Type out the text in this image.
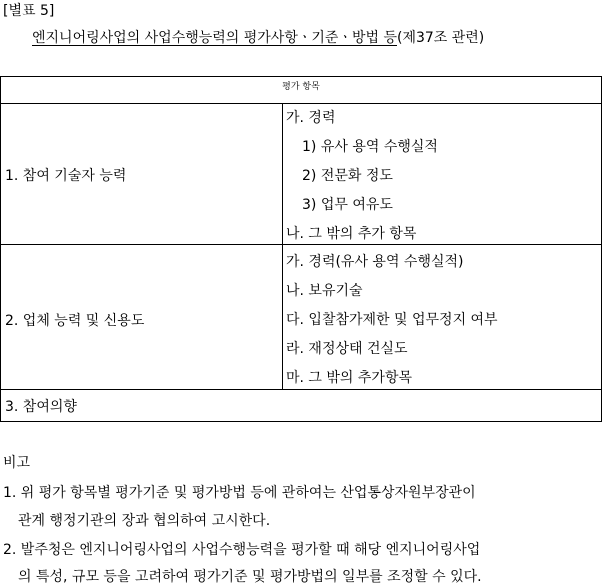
[별표 5]
엔지니어링사업의 사업수행능력의 평가사항ㆍ기준ㆍ방법 등(제37조 관련)
평가 항목
1. 참여 기술자 능력
가. 경력
1) 유사 용역 수행실적
2) 전문화 정도
3) 업무 여유도
나. 그 밖의 추가 항목
2. 업체 능력 및 신용도
가. 경력(유사 용역 수행실적)
나. 보유기술
다. 입찰참가제한 및 업무정지 여부
라. 재정상태 건실도
마. 그 밖의 추가항목
3. 참여의향
비고
1. 위 평가 항목별 평가기준 및 평가방법 등에 관하여는 산업통상자원부장관이
관계 행정기관의 장과 협의하여 고시한다.
2. 발주청은 엔지니어링사업의 사업수행능력을 평가할 때 해당 엔지니어링사업
의 특성, 규모 등을 고려하여 평가기준 및 평가방법의 일부를 조정할 수 있다.
